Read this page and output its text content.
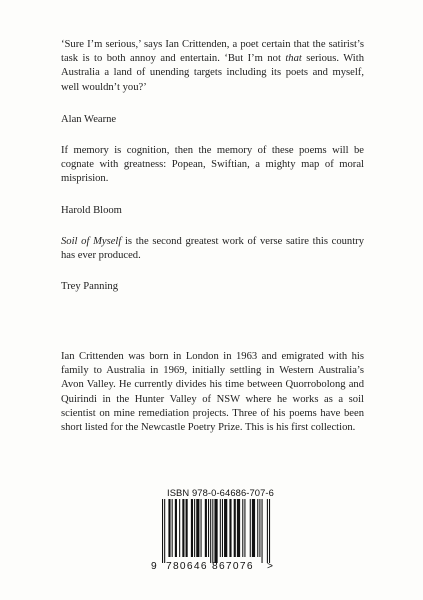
‘Sure I’m serious,’ says Ian Crittenden, a poet certain that the satirist’s task is to both annoy and entertain. ‘But I’m not that serious. With Australia a land of unending targets including its poets and myself, well wouldn’t you?’

Alan Wearne

If memory is cognition, then the memory of these poems will be cognate with greatness: Popean, Swiftian, a mighty map of moral misprision.

Harold Bloom

Soil of Myself is the second greatest work of verse satire this country has ever produced.

Trey Panning

Ian Crittenden was born in London in 1963 and emigrated with his family to Australia in 1969, initially settling in Western Australia’s Avon Valley. He currently divides his time between Quorrobolong and Quirindi in the Hunter Valley of NSW where he works as a soil scientist on mine remediation projects. Three of his poems have been short listed for the Newcastle Poetry Prize. This is his first collection.

ISBN 978-0-64686-707-6
9 780646 867076 >
